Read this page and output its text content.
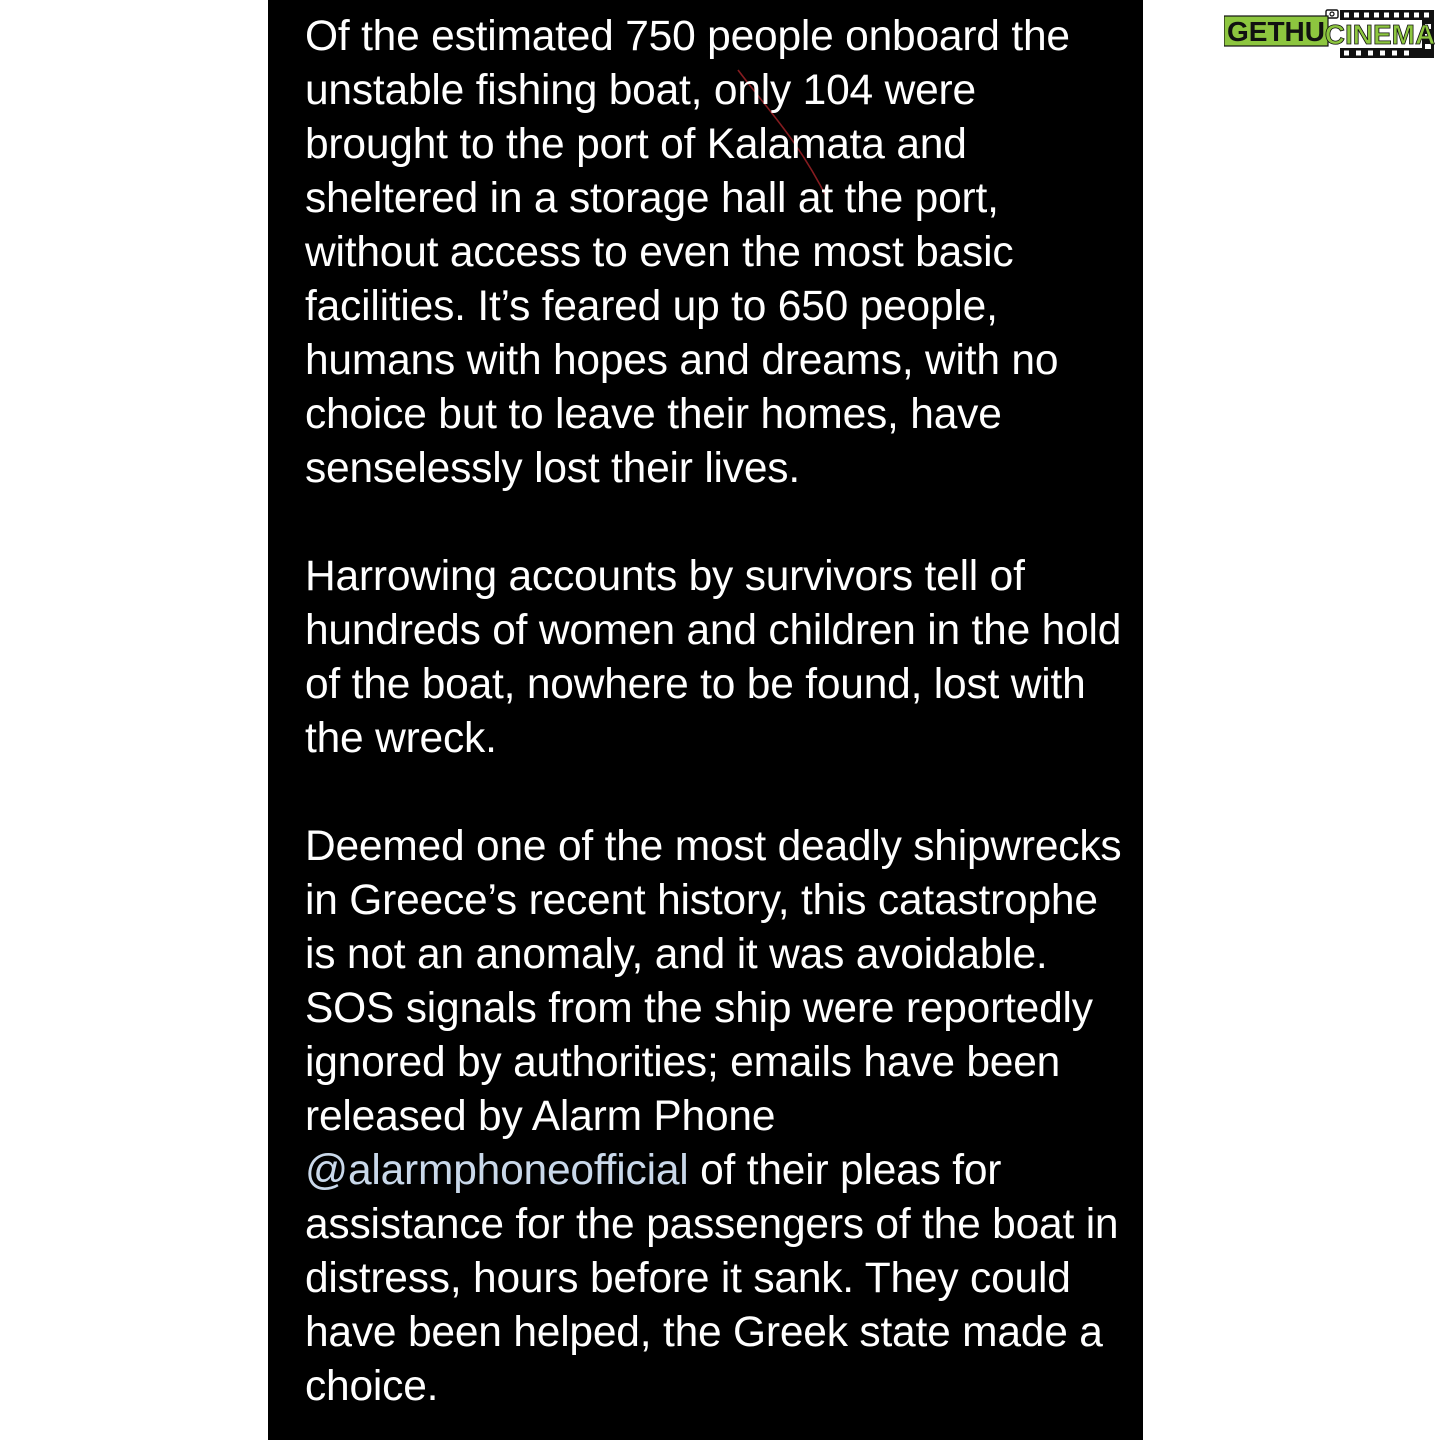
Of the estimated 750 people onboard the unstable fishing boat, only 104 were brought to the port of Kalamata and sheltered in a storage hall at the port, without access to even the most basic facilities. It’s feared up to 650 people, humans with hopes and dreams, with no choice but to leave their homes, have senselessly lost their lives.

Harrowing accounts by survivors tell of hundreds of women and children in the hold of the boat, nowhere to be found, lost with the wreck.

Deemed one of the most deadly shipwrecks in Greece’s recent history, this catastrophe is not an anomaly, and it was avoidable. SOS signals from the ship were reportedly ignored by authorities; emails have been released by Alarm Phone @alarmphoneofficial of their pleas for assistance for the passengers of the boat in distress, hours before it sank. They could have been helped, the Greek state made a choice.

GETHU CINEMA
